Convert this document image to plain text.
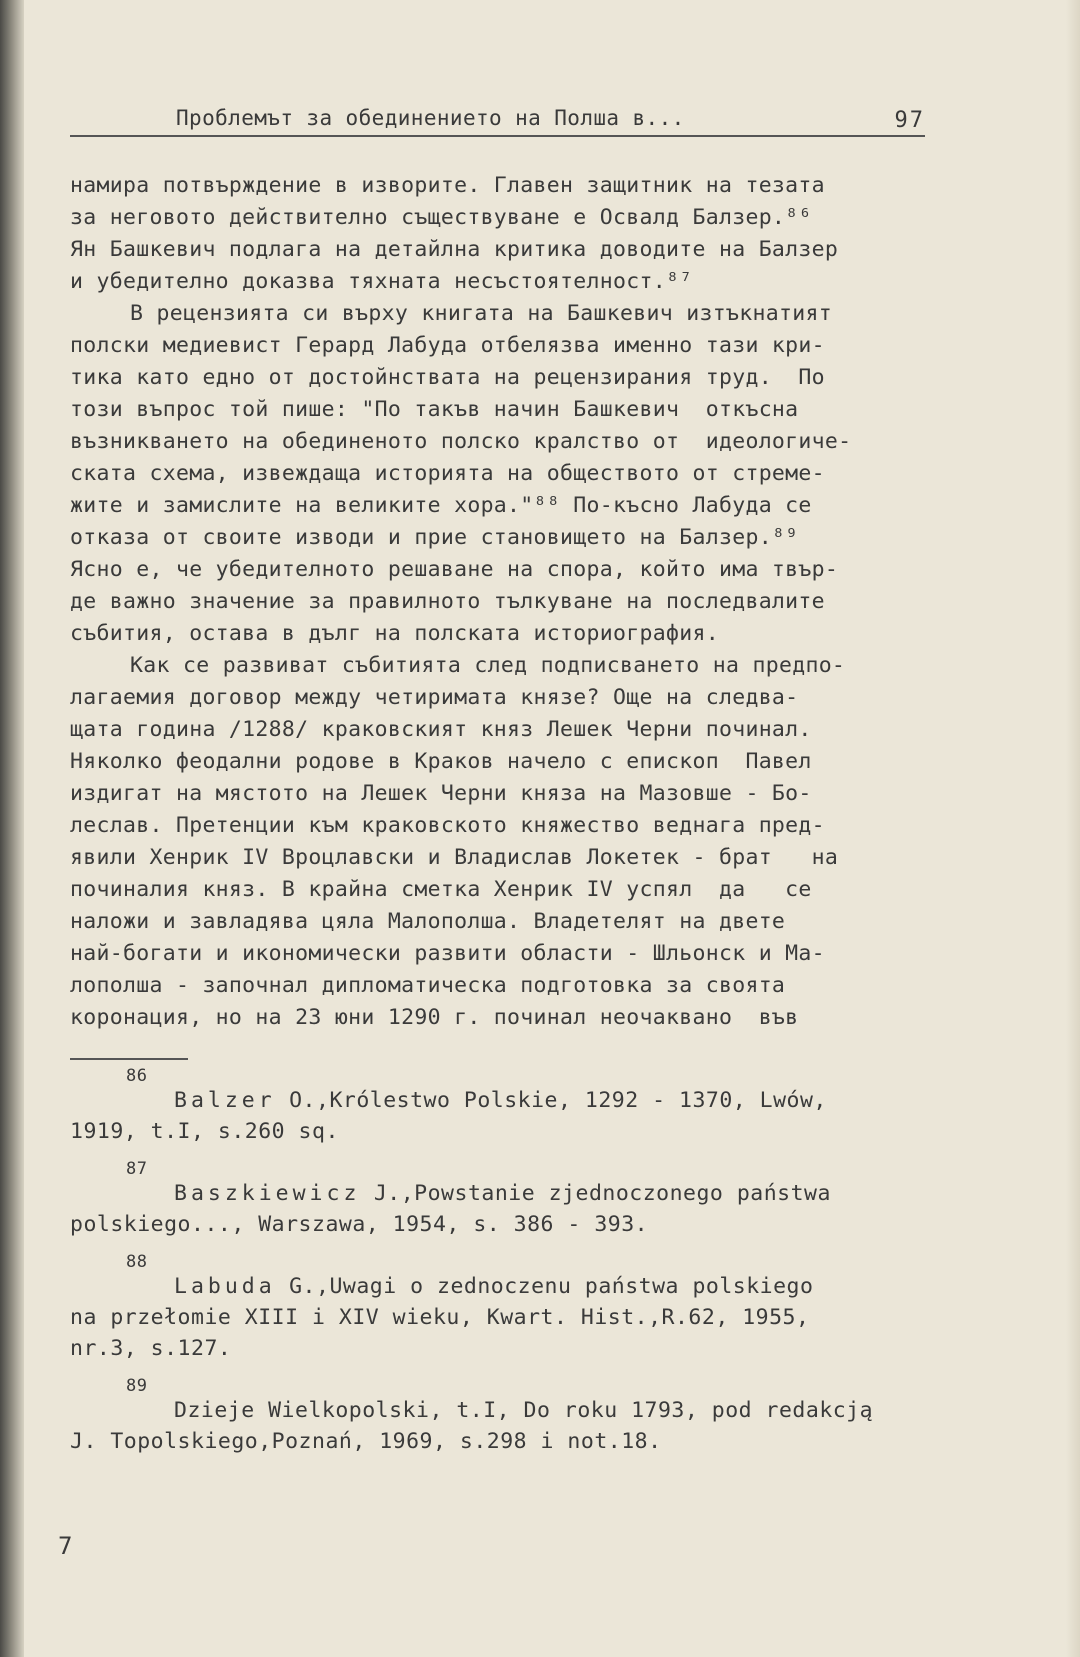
Проблемът за обединението на Полша в...	97
намира потвърждение в изворите. Главен защитник на тезата
за неговото действително съществуване е Освалд Балзер.⁸⁶
Ян Башкевич подлага на детайлна критика доводите на Балзер
и убедително доказва тяхната несъстоятелност.⁸⁷
В рецензията си върху книгата на Башкевич изтъкнатият
полски медиевист Герард Лабуда отбелязва именно тази кри-
тика като едно от достойнствата на рецензирания труд.  По
този въпрос той пише: "По такъв начин Башкевич  откъсна
възникването на обединеното полско кралство от  идеологиче-
ската схема, извеждаща историята на обществото от стреме-
жите и замислите на великите хора."⁸⁸ По-късно Лабуда се
отказа от своите изводи и прие становището на Балзер.⁸⁹
Ясно е, че убедителното решаване на спора, който има твър-
де важно значение за правилното тълкуване на последвалите
събития, остава в дълг на полската историография.
Как се развиват събитията след подписването на предпо-
лагаемия договор между четиримата князе? Още на следва-
щата година /1288/ краковският княз Лешек Черни починал.
Няколко феодални родове в Краков начело с епископ  Павел
издигат на мястото на Лешек Черни княза на Мазовше - Бо-
леслав. Претенции към краковското княжество веднага пред-
явили Хенрик IV Вроцлавски и Владислав Локетек - брат   на
починалия княз. В крайна сметка Хенрик IV успял  да   се
наложи и завладява цяла Малополша. Владетелят на двете
най-богати и икономически развити области - Шльонск и Ма-
лополша - започнал дипломатическа подготовка за своята
коронация, но на 23 юни 1290 г. починал неочаквано  във
86
Balzer O.,Królestwo Polskie, 1292 - 1370, Lwów,
1919, t.I, s.260 sq.
87
Baszkiewicz J.,Powstanie zjednoczonego państwa
polskiego..., Warszawa, 1954, s. 386 - 393.
88
Labuda G.,Uwagi o zednoczenu państwa polskiego
na przełomie XIII i XIV wieku, Kwart. Hist.,R.62, 1955,
nr.3, s.127.
89
Dzieje Wielkopolski, t.I, Do roku 1793, pod redakcją
J. Topolskiego,Poznań, 1969, s.298 i not.18.
7
